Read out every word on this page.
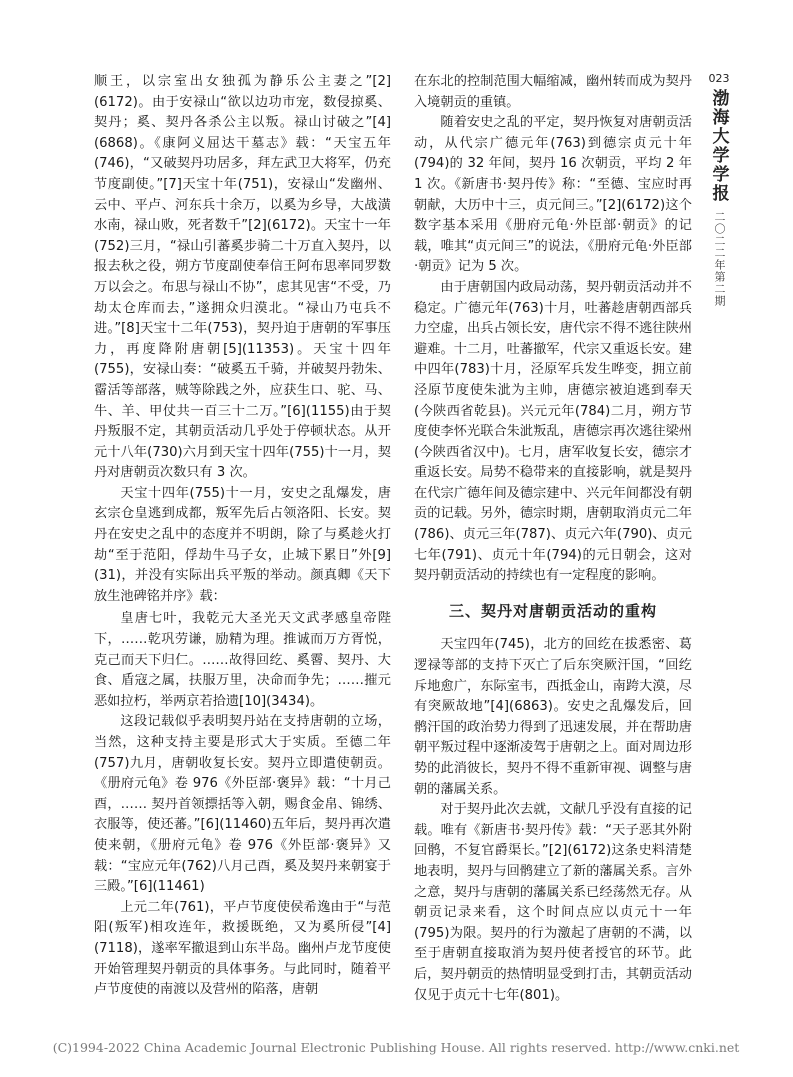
顺王，以宗室出女独孤为静乐公主妻之”[2](6172)。由于安禄山“欲以边功市宠，数侵掠奚、契丹；奚、契丹各杀公主以叛。禄山讨破之”[4](6868)。《康阿义屈达干墓志》载：“天宝五年(746)，“又破契丹功居多，拜左武卫大将军，仍充节度副使。”[7]天宝十年(751)，安禄山“发幽州、云中、平卢、河东兵十余万，以奚为乡导，大战潢水南，禄山败，死者数千”[2](6172)。天宝十一年(752)三月，“禄山引蕃奚步骑二十万直入契丹，以报去秋之役，朔方节度副使奉信王阿布思率同罗数万以会之。布思与禄山不协”，虑其见害“不受，乃劫太仓库而去，”遂拥众归漠北。“禄山乃屯兵不进。”[8]天宝十二年(753)，契丹迫于唐朝的军事压力，再度降附唐朝[5](11353)。天宝十四年(755)，安禄山奏：“破奚五千骑，并破契丹勃朱、霤活等部落，贼等除践之外，应获生口、驼、马、牛、羊、甲仗共一百三十二万。”[6](1155)由于契丹叛服不定，其朝贡活动几乎处于停顿状态。从开元十八年(730)六月到天宝十四年(755)十一月，契丹对唐朝贡次数只有 3 次。

天宝十四年(755)十一月，安史之乱爆发，唐玄宗仓皇逃到成都，叛军先后占领洛阳、长安。契丹在安史之乱中的态度并不明朗，除了与奚趁火打劫“至于范阳，俘劫牛马子女，止城下累日”外[9](31)，并没有实际出兵平叛的举动。颜真卿《天下放生池碑铭并序》载：

皇唐七叶，我乾元大圣光天文武孝感皇帝陛下，……乾巩劳谦，励精为理。推诚而万方胥悦，克己而天下归仁。……故得回纥、奚霫、契丹、大食、盾寇之属，扶服万里，决命而争先；……摧元恶如拉朽，举两京若拾遗[10](3434)。

这段记载似乎表明契丹站在支持唐朝的立场，当然，这种支持主要是形式大于实质。至德二年(757)九月，唐朝收复长安。契丹立即遣使朝贡。《册府元龟》卷 976《外臣部·褒异》载：“十月己酉，…… 契丹首领摽括等入朝，赐食金帛、锦绣、衣服等，使还蕃。”[6](11460)五年后，契丹再次遣使来朝，《册府元龟》卷 976《外臣部·褒异》又载：“宝应元年(762)八月己酉，奚及契丹来朝宴于三殿。”[6](11461)

上元二年(761)，平卢节度使侯希逸由于“与范阳(叛军)相攻连年，救援既绝，又为奚所侵”[4](7118)，遂率军撤退到山东半岛。幽州卢龙节度使开始管理契丹朝贡的具体事务。与此同时，随着平卢节度使的南渡以及营州的陷落，唐朝

在东北的控制范围大幅缩减，幽州转而成为契丹入境朝贡的重镇。

随着安史之乱的平定，契丹恢复对唐朝贡活动，从代宗广德元年(763)到德宗贞元十年(794)的 32 年间，契丹 16 次朝贡，平均 2 年 1 次。《新唐书·契丹传》称：“至德、宝应时再朝献，大历中十三，贞元间三。”[2](6172)这个数字基本采用《册府元龟·外臣部·朝贡》的记载，唯其“贞元间三”的说法，《册府元龟·外臣部·朝贡》记为 5 次。

由于唐朝国内政局动荡，契丹朝贡活动并不稳定。广德元年(763)十月，吐蕃趁唐朝西部兵力空虚，出兵占领长安，唐代宗不得不逃往陕州避难。十二月，吐蕃撤军，代宗又重返长安。建中四年(783)十月，泾原军兵发生哗变，拥立前泾原节度使朱泚为主帅，唐德宗被迫逃到奉天(今陕西省乾县)。兴元元年(784)二月，朔方节度使李怀光联合朱泚叛乱，唐德宗再次逃往梁州(今陕西省汉中)。七月，唐军收复长安，德宗才重返长安。局势不稳带来的直接影响，就是契丹在代宗广德年间及德宗建中、兴元年间都没有朝贡的记载。另外，德宗时期，唐朝取消贞元二年(786)、贞元三年(787)、贞元六年(790)、贞元七年(791)、贞元十年(794)的元日朝会，这对契丹朝贡活动的持续也有一定程度的影响。

三、契丹对唐朝贡活动的重构

天宝四年(745)，北方的回纥在拔悉密、葛逻禄等部的支持下灭亡了后东突厥汗国，“回纥斥地愈广，东际室韦，西抵金山，南跨大漠，尽有突厥故地”[4](6863)。安史之乱爆发后，回鹘汗国的政治势力得到了迅速发展，并在帮助唐朝平叛过程中逐渐凌驾于唐朝之上。面对周边形势的此消彼长，契丹不得不重新审视、调整与唐朝的藩属关系。

对于契丹此次去就，文献几乎没有直接的记载。唯有《新唐书·契丹传》载：“天子恶其外附回鹘，不复官爵渠长。”[2](6172)这条史料清楚地表明，契丹与回鹘建立了新的藩属关系。言外之意，契丹与唐朝的藩属关系已经荡然无存。从朝贡记录来看，这个时间点应以贞元十一年(795)为限。契丹的行为激起了唐朝的不满，以至于唐朝直接取消为契丹使者授官的环节。此后，契丹朝贡的热情明显受到打击，其朝贡活动仅见于贞元十七年(801)。

023
渤海大学学报
二〇二二年第二期
(C)1994-2022 China Academic Journal Electronic Publishing House. All rights reserved. http://www.cnki.net
